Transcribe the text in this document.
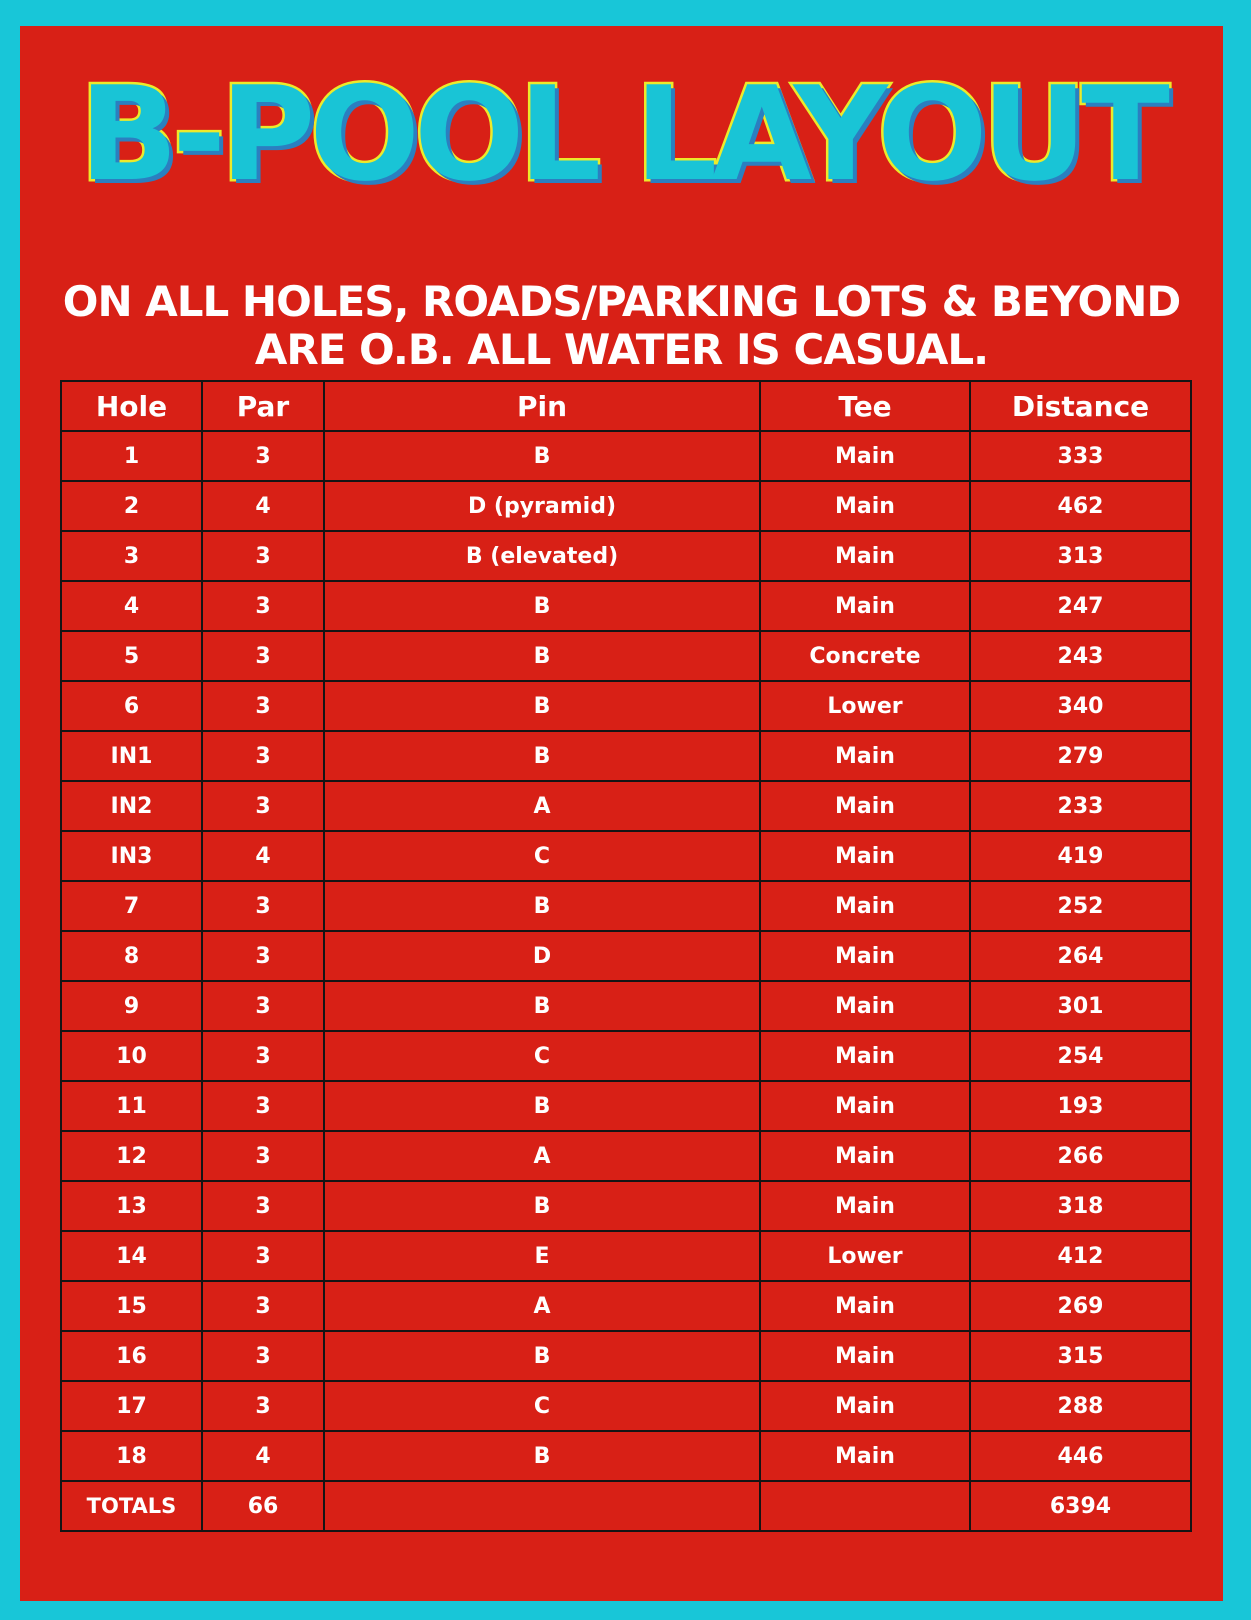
B-POOL LAYOUT
ON ALL HOLES, ROADS/PARKING LOTS & BEYOND
ARE O.B. ALL WATER IS CASUAL.
Hole	Par	Pin	Tee	Distance
1	3	B	Main	333
2	4	D (pyramid)	Main	462
3	3	B (elevated)	Main	313
4	3	B	Main	247
5	3	B	Concrete	243
6	3	B	Lower	340
IN1	3	B	Main	279
IN2	3	A	Main	233
IN3	4	C	Main	419
7	3	B	Main	252
8	3	D	Main	264
9	3	B	Main	301
10	3	C	Main	254
11	3	B	Main	193
12	3	A	Main	266
13	3	B	Main	318
14	3	E	Lower	412
15	3	A	Main	269
16	3	B	Main	315
17	3	C	Main	288
18	4	B	Main	446
TOTALS	66			6394
